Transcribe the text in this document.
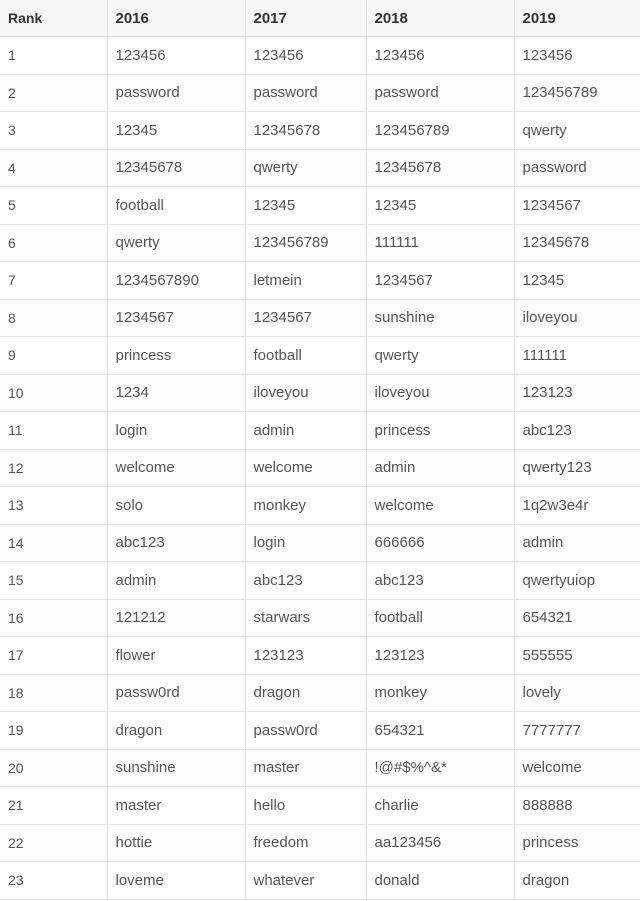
Rank	2016	2017	2018	2019
1	123456	123456	123456	123456
2	password	password	password	123456789
3	12345	12345678	123456789	qwerty
4	12345678	qwerty	12345678	password
5	football	12345	12345	1234567
6	qwerty	123456789	111111	12345678
7	1234567890	letmein	1234567	12345
8	1234567	1234567	sunshine	iloveyou
9	princess	football	qwerty	111111
10	1234	iloveyou	iloveyou	123123
11	login	admin	princess	abc123
12	welcome	welcome	admin	qwerty123
13	solo	monkey	welcome	1q2w3e4r
14	abc123	login	666666	admin
15	admin	abc123	abc123	qwertyuiop
16	121212	starwars	football	654321
17	flower	123123	123123	555555
18	passw0rd	dragon	monkey	lovely
19	dragon	passw0rd	654321	7777777
20	sunshine	master	!@#$%^&*	welcome
21	master	hello	charlie	888888
22	hottie	freedom	aa123456	princess
23	loveme	whatever	donald	dragon
